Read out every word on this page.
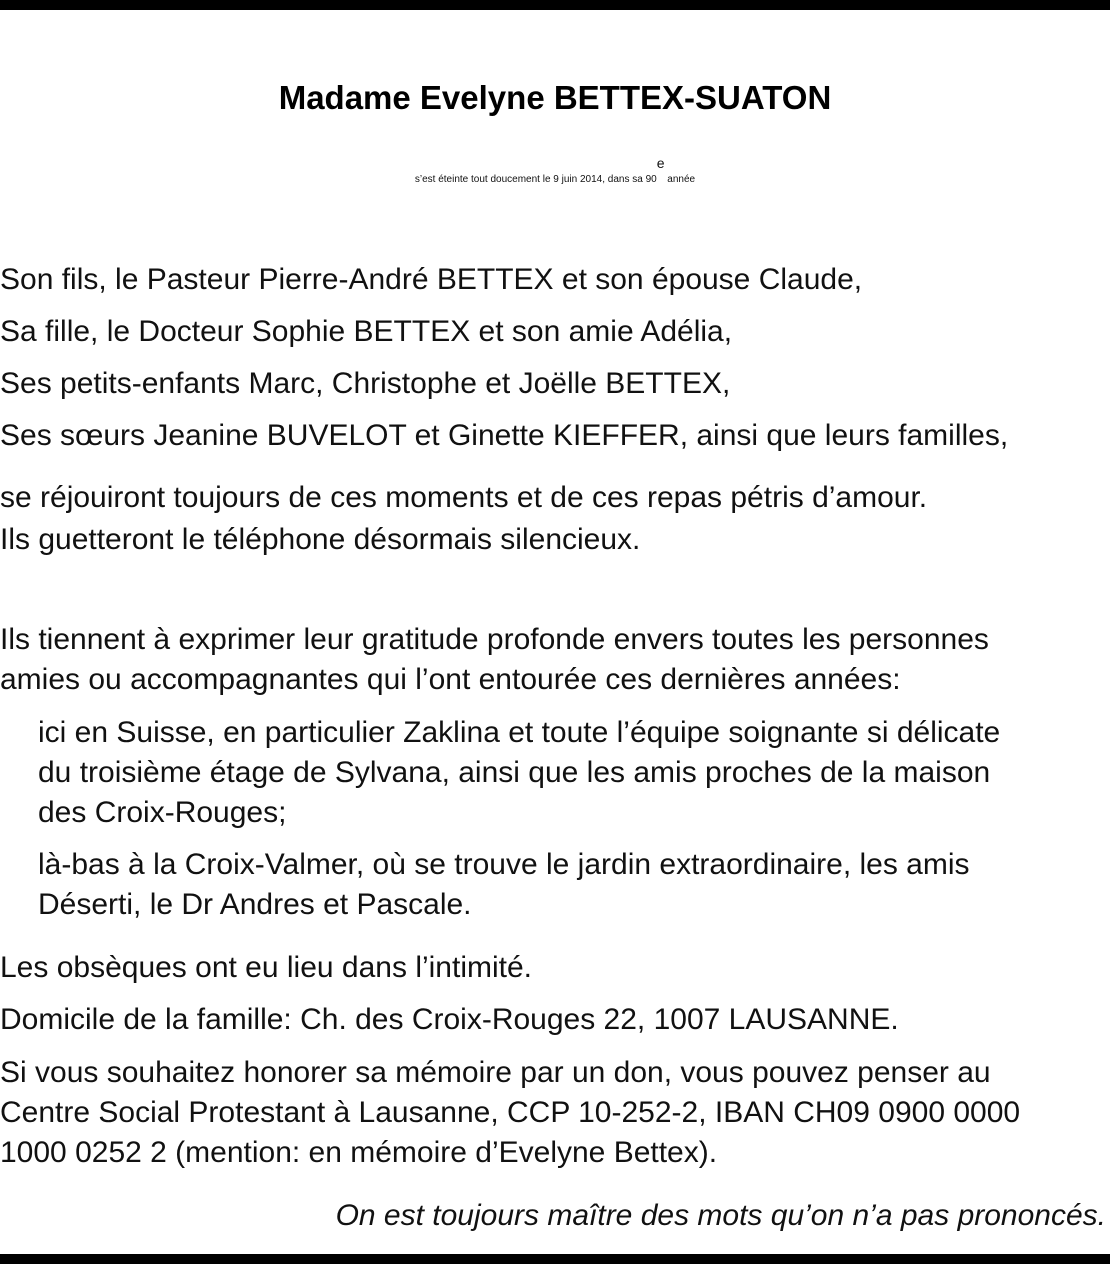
Madame Evelyne BETTEX-SUATON
s’est éteinte tout doucement le 9 juin 2014, dans sa 90e année
Son fils, le Pasteur Pierre-André BETTEX et son épouse Claude,
Sa fille, le Docteur Sophie BETTEX et son amie Adélia,
Ses petits-enfants Marc, Christophe et Joëlle BETTEX,
Ses sœurs Jeanine BUVELOT et Ginette KIEFFER, ainsi que leurs familles,
se réjouiront toujours de ces moments et de ces repas pétris d’amour.
Ils guetteront le téléphone désormais silencieux.
Ils tiennent à exprimer leur gratitude profonde envers toutes les personnes
amies ou accompagnantes qui l’ont entourée ces dernières années:
ici en Suisse, en particulier Zaklina et toute l’équipe soignante si délicate
du troisième étage de Sylvana, ainsi que les amis proches de la maison
des Croix-Rouges;
là-bas à la Croix-Valmer, où se trouve le jardin extraordinaire, les amis
Déserti, le Dr Andres et Pascale.
Les obsèques ont eu lieu dans l’intimité.
Domicile de la famille: Ch. des Croix-Rouges 22, 1007 LAUSANNE.
Si vous souhaitez honorer sa mémoire par un don, vous pouvez penser au
Centre Social Protestant à Lausanne, CCP 10-252-2, IBAN CH09 0900 0000
1000 0252 2 (mention: en mémoire d’Evelyne Bettex).
On est toujours maître des mots qu’on n’a pas prononcés.
